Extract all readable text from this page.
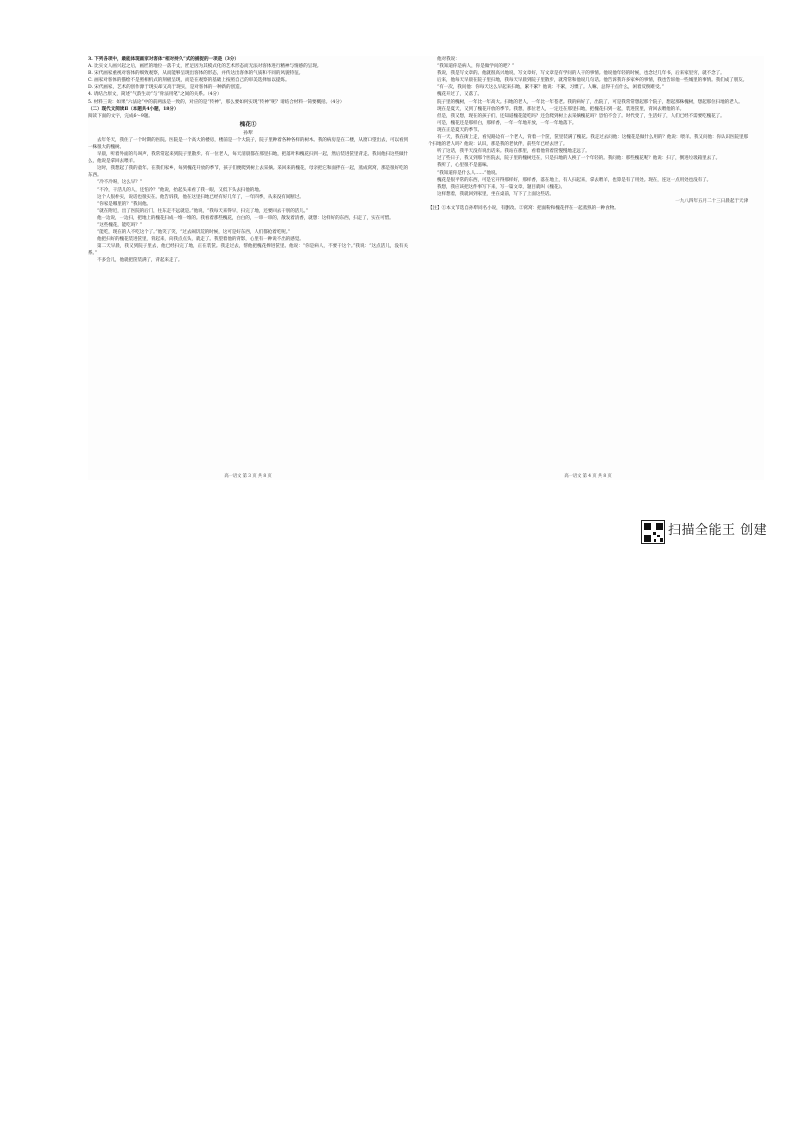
3. 下列各项中，最能体现画家对客体“相对持久”式的捕捉的一项是（3分）

A. 比实文人画兴起之后，画匠的地位一落千丈，匠足因为其模式化的艺术形态而无法对客体进行精神与情感的呈现。

B. 宋代画家重视对客体的细致观察，从而能够呈现出客体的形态，并传达出客体的气质和不同的风貌特征。

C. 画家对客体的描绘不是照相机式的刻板呈现，而是在观察的基础上按照自己的审美选择加以提炼。

D. 宋代画家，艺术的创作源于现实却又高于现实，是对客体的一种新的创造。

4. 请结合原文，简述“气韵生动”与“骨法用笔”之间的关系。（4分）

5. 材料三说：如果“六法论”中的前两法是一致的，对应的是“传神”，那么要如何实现“传神”呢？请结合材料一简要概括。（4分）

（二）现代文阅读Ⅱ（本题共4小题，18分）

阅读下面的文字，完成6～9题。

槐花①

孙犁

去年冬天，我住了一个时期的医院。医院是一个高大的楼房，楼前是一个大院子，院子里种着各种各样的树木。我的病房是在二楼，从窗口望出去，可以看到一株很大的槐树。

早晨，听着外面的鸟叫声，我常常起来到院子里散步。有一位老人，每天清晨都在那里扫地，把落叶和槐花扫到一起，然后装进筐里背走。我问他扫这些做什么，他说是拿回去喂羊。

这时，我想起了我的童年。在我们家乡，每到槐花开放的季节，孩子们便爬到树上去采摘。采回来的槐花，母亲把它和面拌在一起，蒸成窝窝，那是很好吃的东西。

“冷不冷呀，这么早？”

“不冷，干活儿的人，还怕冷？”他说，抬起头来看了我一眼，又低下头去扫他的地。

这个人很朴实，说话也很实在。他告诉我，他在这里扫地已经有好几年了，一年四季，从来没有间断过。

“你家是哪里的？”我问他。

“就在附近，出了医院的后门，往东走不远就是。”他说，“我每天来得早，扫完了地，还要回去干别的活儿。”

他一边说，一边扫，把地上的槐花扫成一堆一堆的。我看着那些槐花，白白的，一串一串的，散发着清香，就想：这样好的东西，扫走了，实在可惜。

“这些槐花，能吃吗？”

“能吃，现在的人不吃这个了。”他笑了笑，“过去闹饥荒的时候，这可是好东西，人们都抢着吃呢。”

他把扫好的槐花装进筐里，背起来，向我点点头，就走了。我望着他的背影，心里有一种说不出的感觉。

第二天早晨，我又到院子里去，他已经扫完了地，正在装筐。我走过去，帮他把槐花捧进筐里。他说：“你是病人，不要干这个。”我说：“这点活儿，没有关系。”

不多会儿，他就把筐装满了，背起来走了。

高一语文 第 3 页 共 8 页

他对我说：

“我知道你是病人，你是做学问的吧？”

我说，我是写文章的。他就很高兴地说，写文章好，写文章是有学问的人干的事情。他说他年轻的时候，也念过几年书，后来家里穷，就不念了。

后来，他每天早晨在院子里扫地，我每天早晨到院子里散步，就常常和他说几句话。他告诉我许多家乡的事情，我也告诉他一些城里的事情。我们成了朋友。

“有一次，我问他：你每天这么早起来扫地，累不累？他说：不累，习惯了。人嘛，总得干点什么，闲着反倒难受。”

槐花开过了，又落了。

院子里的槐树，一年比一年高大。扫地的老人，一年比一年苍老。我的病好了，出院了，可是我常常想起那个院子，想起那株槐树，想起那位扫地的老人。

现在是夏天，又到了槐花开放的季节。我想，那位老人，一定还在那里扫地，把槐花扫到一起，装进筐里，背回去喂他的羊。

但是，我又想，现在的孩子们，还知道槐花能吃吗？还会爬到树上去采摘槐花吗？恐怕不会了。时代变了，生活好了，人们已经不需要吃槐花了。

可是，槐花还是那样白，那样香，一年一年地开放，一年一年地落下。

现在正是夏天的季节。

有一天，我在街上走，看见路边有一个老人，背着一个筐，筐里装满了槐花。我走过去问他：这槐花是做什么用的？他说：喂羊。我又问他：你认识医院里那个扫地的老人吗？他说：认识，那是我的老伙伴，前些年已经去世了。

听了这话，我半天没有说出话来。我站在那里，看着他背着筐慢慢地走远了。

过了些日子，我又到那个医院去，院子里的槐树还在，只是扫地的人换了一个年轻的。我问他：那些槐花呢？他说：扫了，倒进垃圾箱里去了。

我听了，心里很不是滋味。

“我知道你是什么人……”他说。

槐花是很平常的东西，可是它开得那样好，那样香，落在地上，有人扫起来，拿去喂羊，也算是有了用处。现在，连这一点用处也没有了。

我想，我应该把这件事写下来，写一篇文章，题目就叫《槐花》。

这样想着，我就回到家里，坐在桌前，写下了上面这些话。

一九八四年五月二十三日晨起于天津

【注】①本文节选自孙犁同名小说，有删改。②窝窝：把面粉和槐花拌在一起蒸熟的一种食物。

高一语文 第 4 页 共 8 页
扫描全能王 创建
